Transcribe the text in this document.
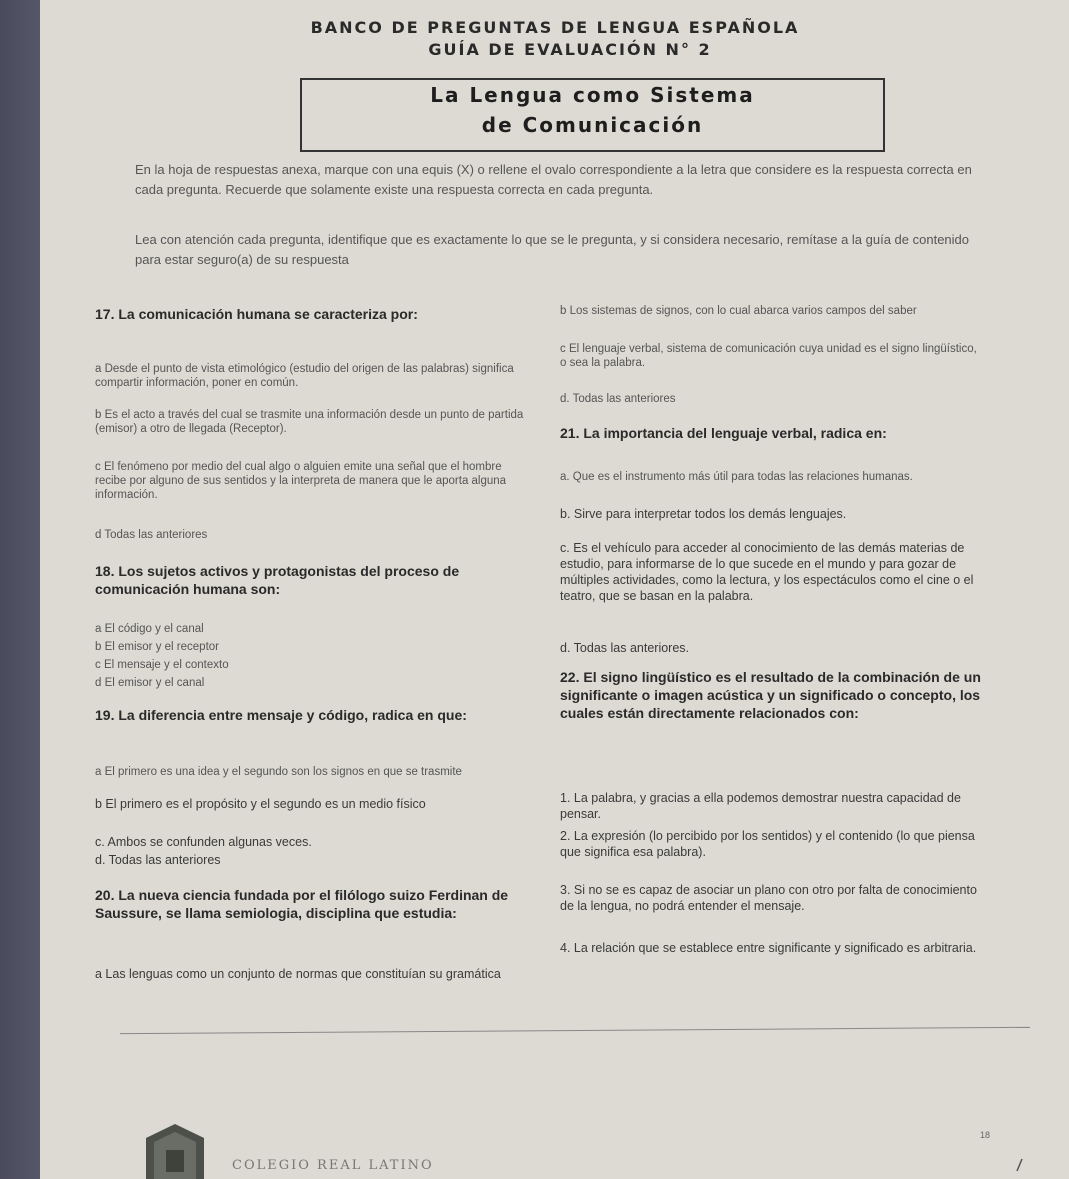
BANCO DE PREGUNTAS DE LENGUA ESPAÑOLA
GUÍA DE EVALUACIÓN N° 2
La Lengua como Sistema
de Comunicación
En la hoja de respuestas anexa, marque con una equis (X) o rellene el ovalo correspondiente a la letra que considere es la respuesta correcta en cada pregunta. Recuerde que solamente existe una respuesta correcta en cada pregunta.
Lea con atención cada pregunta, identifique que es exactamente lo que se le pregunta, y si considera necesario, remítase a la guía de contenido para estar seguro(a) de su respuesta
17. La comunicación humana se caracteriza por:
a Desde el punto de vista etimológico (estudio del origen de las palabras) significa compartir información, poner en común.
b Es el acto a través del cual se trasmite una información desde un punto de partida (emisor) a otro de llegada (Receptor).
c El fenómeno por medio del cual algo o alguien emite una señal que el hombre recibe por alguno de sus sentidos y la interpreta de manera que le aporta alguna información.
d Todas las anteriores
18. Los sujetos activos y protagonistas del proceso de comunicación humana son:
a El código y el canal
b El emisor y el receptor
c El mensaje y el contexto
d El emisor y el canal
19. La diferencia entre mensaje y código, radica en que:
a El primero es una idea y el segundo son los signos en que se trasmite
b El primero es el propósito y el segundo es un medio físico
c. Ambos se confunden algunas veces.
d. Todas las anteriores
20. La nueva ciencia fundada por el filólogo suizo Ferdinan de Saussure, se llama semiologia, disciplina que estudia:
a Las lenguas como un conjunto de normas que constituían su gramática
b Los sistemas de signos, con lo cual abarca varios campos del saber
c El lenguaje verbal, sistema de comunicación cuya unidad es el signo lingüístico, o sea la palabra.
d. Todas las anteriores
21. La importancia del lenguaje verbal, radica en:
a. Que es el instrumento más útil para todas las relaciones humanas.
b. Sirve para interpretar todos los demás lenguajes.
c. Es el vehículo para acceder al conocimiento de las demás materias de estudio, para informarse de lo que sucede en el mundo y para gozar de múltiples actividades, como la lectura, y los espectáculos como el cine o el teatro, que se basan en la palabra.
d. Todas las anteriores.
22. El signo lingüístico es el resultado de la combinación de un significante o imagen acústica y un significado o concepto, los cuales están directamente relacionados con:
1. La palabra, y gracias a ella podemos demostrar nuestra capacidad de pensar.
2. La expresión (lo percibido por los sentidos) y el contenido (lo que piensa que significa esa palabra).
3. Si no se es capaz de asociar un plano con otro por falta de conocimiento de la lengua, no podrá entender el mensaje.
4. La relación que se establece entre significante y significado es arbitraria.
COLEGIO REAL LATINO
18
